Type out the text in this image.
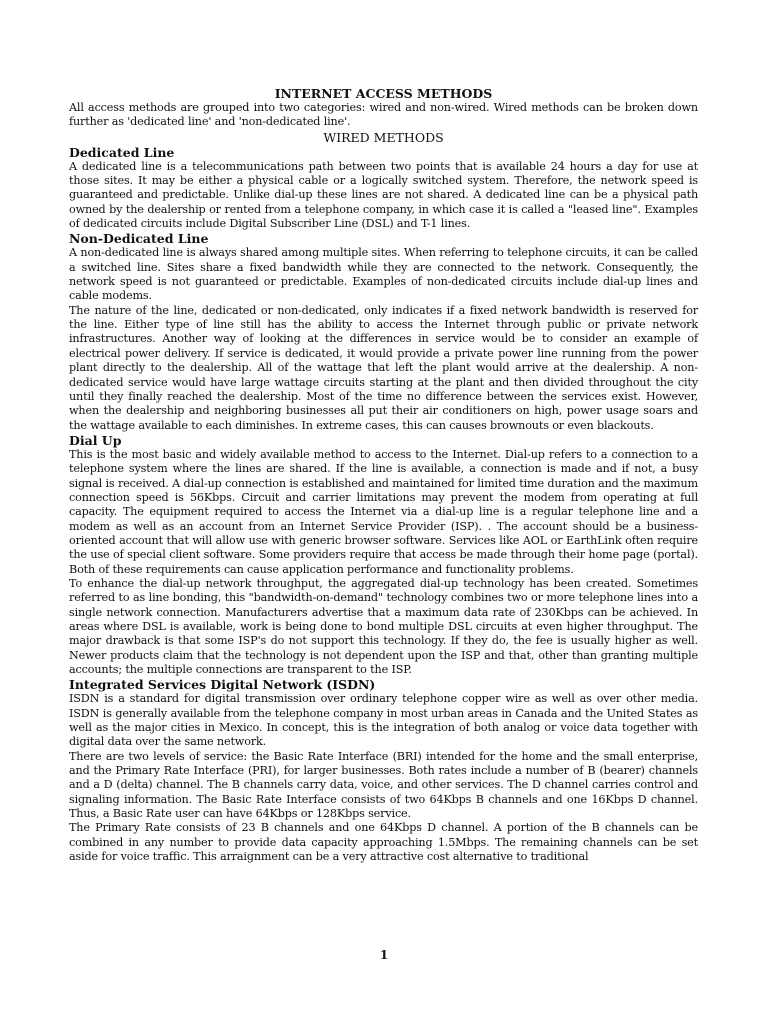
INTERNET ACCESS METHODS

All access methods are grouped into two categories: wired and non-wired. Wired methods can be broken down further as 'dedicated line' and 'non-dedicated line'.

WIRED METHODS
Dedicated Line

A dedicated line is a telecommunications path between two points that is available 24 hours a day for use at those sites. It may be either a physical cable or a logically switched system. Therefore, the network speed is guaranteed and predictable. Unlike dial-up these lines are not shared. A dedicated line can be a physical path owned by the dealership or rented from a telephone company, in which case it is called a "leased line". Examples of dedicated circuits include Digital Subscriber Line (DSL) and T-1 lines.

Non-Dedicated Line

A non-dedicated line is always shared among multiple sites. When referring to telephone circuits, it can be called a switched line. Sites share a fixed bandwidth while they are connected to the network. Consequently, the network speed is not guaranteed or predictable. Examples of non-dedicated circuits include dial-up lines and cable modems.

The nature of the line, dedicated or non-dedicated, only indicates if a fixed network bandwidth is reserved for the line. Either type of line still has the ability to access the Internet through public or private network infrastructures. Another way of looking at the differences in service would be to consider an example of electrical power delivery. If service is dedicated, it would provide a private power line running from the power plant directly to the dealership. All of the wattage that left the plant would arrive at the dealership. A non-dedicated service would have large wattage circuits starting at the plant and then divided throughout the city until they finally reached the dealership. Most of the time no difference between the services exist. However, when the dealership and neighboring businesses all put their air conditioners on high, power usage soars and the wattage available to each diminishes. In extreme cases, this can causes brownouts or even blackouts.

Dial Up

This is the most basic and widely available method to access to the Internet. Dial-up refers to a connection to a telephone system where the lines are shared. If the line is available, a connection is made and if not, a busy signal is received. A dial-up connection is established and maintained for limited time duration and the maximum connection speed is 56Kbps. Circuit and carrier limitations may prevent the modem from operating at full capacity. The equipment required to access the Internet via a dial-up line is a regular telephone line and a modem as well as an account from an Internet Service Provider (ISP). . The account should be a business-oriented account that will allow use with generic browser software. Services like AOL or EarthLink often require the use of special client software. Some providers require that access be made through their home page (portal). Both of these requirements can cause application performance and functionality problems.

To enhance the dial-up network throughput, the aggregated dial-up technology has been created. Sometimes referred to as line bonding, this "bandwidth-on-demand" technology combines two or more telephone lines into a single network connection. Manufacturers advertise that a maximum data rate of 230Kbps can be achieved. In areas where DSL is available, work is being done to bond multiple DSL circuits at even higher throughput. The major drawback is that some ISP's do not support this technology. If they do, the fee is usually higher as well. Newer products claim that the technology is not dependent upon the ISP and that, other than granting multiple accounts; the multiple connections are transparent to the ISP.

Integrated Services Digital Network (ISDN)

ISDN is a standard for digital transmission over ordinary telephone copper wire as well as over other media. ISDN is generally available from the telephone company in most urban areas in Canada and the United States as well as the major cities in Mexico. In concept, this is the integration of both analog or voice data together with digital data over the same network.

There are two levels of service: the Basic Rate Interface (BRI) intended for the home and the small enterprise, and the Primary Rate Interface (PRI), for larger businesses. Both rates include a number of B (bearer) channels and a D (delta) channel. The B channels carry data, voice, and other services. The D channel carries control and signaling information. The Basic Rate Interface consists of two 64Kbps B channels and one 16Kbps D channel. Thus, a Basic Rate user can have 64Kbps or 128Kbps service.

The Primary Rate consists of 23 B channels and one 64Kbps D channel. A portion of the B channels can be combined in any number to provide data capacity approaching 1.5Mbps. The remaining channels can be set aside for voice traffic. This arraignment can be a very attractive cost alternative to traditional

1
